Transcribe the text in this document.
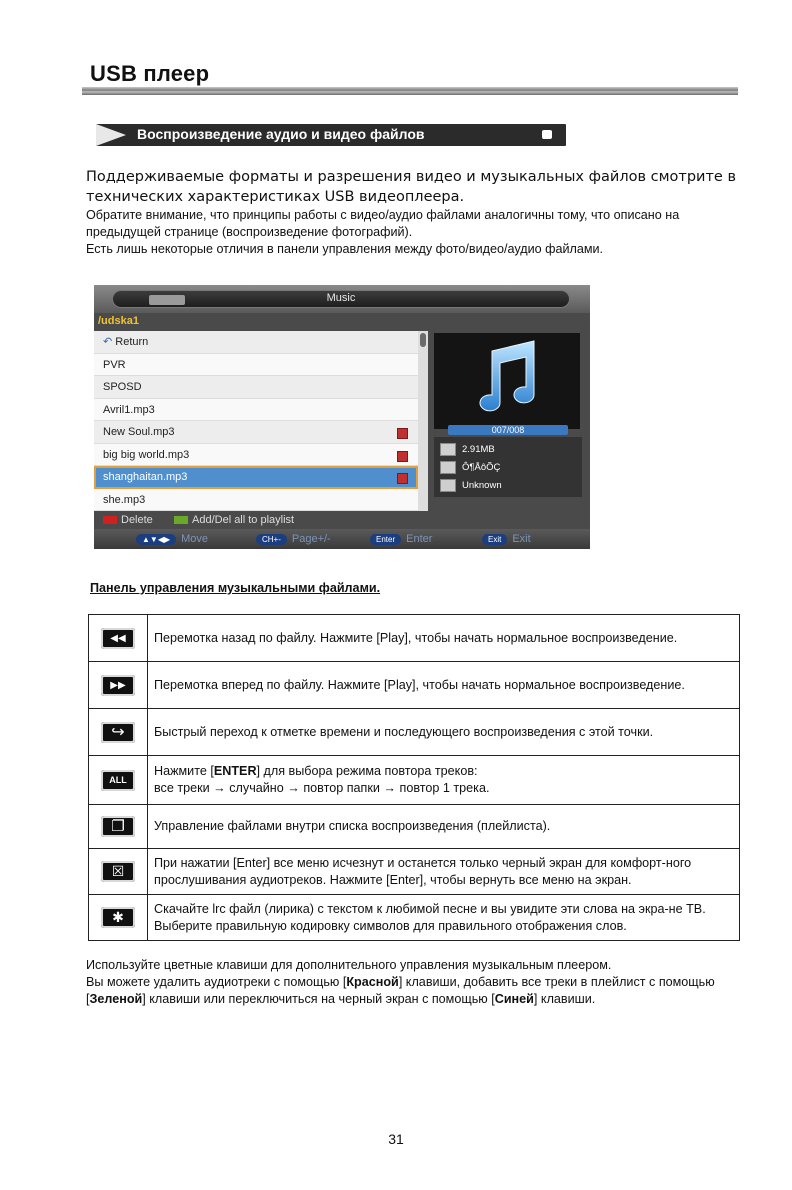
USB плеер
Воспроизведение аудио и видео файлов
Поддерживаемые форматы и разрешения видео и музыкальных файлов смотрите в технических характеристиках USB видеоплеера.
Обратите внимание, что принципы работы с видео/аудио файлами аналогичны тому, что описано на предыдущей странице (воспроизведение фотографий).
Есть лишь некоторые отличия в панели управления между фото/видео/аудио файлами.
Music
/udska1
↶ Return
PVR
SPOSD
Avril1.mp3
New Soul.mp3
big big world.mp3
shanghaitan.mp3
she.mp3
007/008
2.91MB
Ô¶ÅôÕÇ
Unknown
Delete	Add/Del all to playlist
▲▼◀▶ Move	CH+- Page+/-	Enter Enter	Exit Exit
Панель управления музыкальными файлами.
◀◀	Перемотка назад по файлу. Нажмите [Play], чтобы начать нормальное воспроизведение.
▶▶	Перемотка вперед по файлу. Нажмите [Play], чтобы начать нормальное воспроизведение.
↪	Быстрый переход к отметке времени и последующего воспроизведения с этой точки.
ALL	Нажмите [ENTER] для выбора режима повтора треков:
все треки → случайно → повтор папки → повтор 1 трека.

❐	Управление файлами внутри списка воспроизведения (плейлиста).
☒	При нажатии [Enter] все меню исчезнут и останется только черный экран для комфорт-ного прослушивания аудиотреков. Нажмите [Enter], чтобы вернуть все меню на экран.
✱	Скачайте lrc файл (лирика) с текстом к любимой песне и вы увидите эти слова на экра-не ТВ. Выберите правильную кодировку символов для правильного отображения слов.
Используйте цветные клавиши для дополнительного управления музыкальным плеером.
Вы можете удалить аудиотреки с помощью [Красной] клавиши, добавить все треки в плейлист с помощью [Зеленой] клавиши или переключиться на черный экран с помощью [Синей] клавиши.
31
